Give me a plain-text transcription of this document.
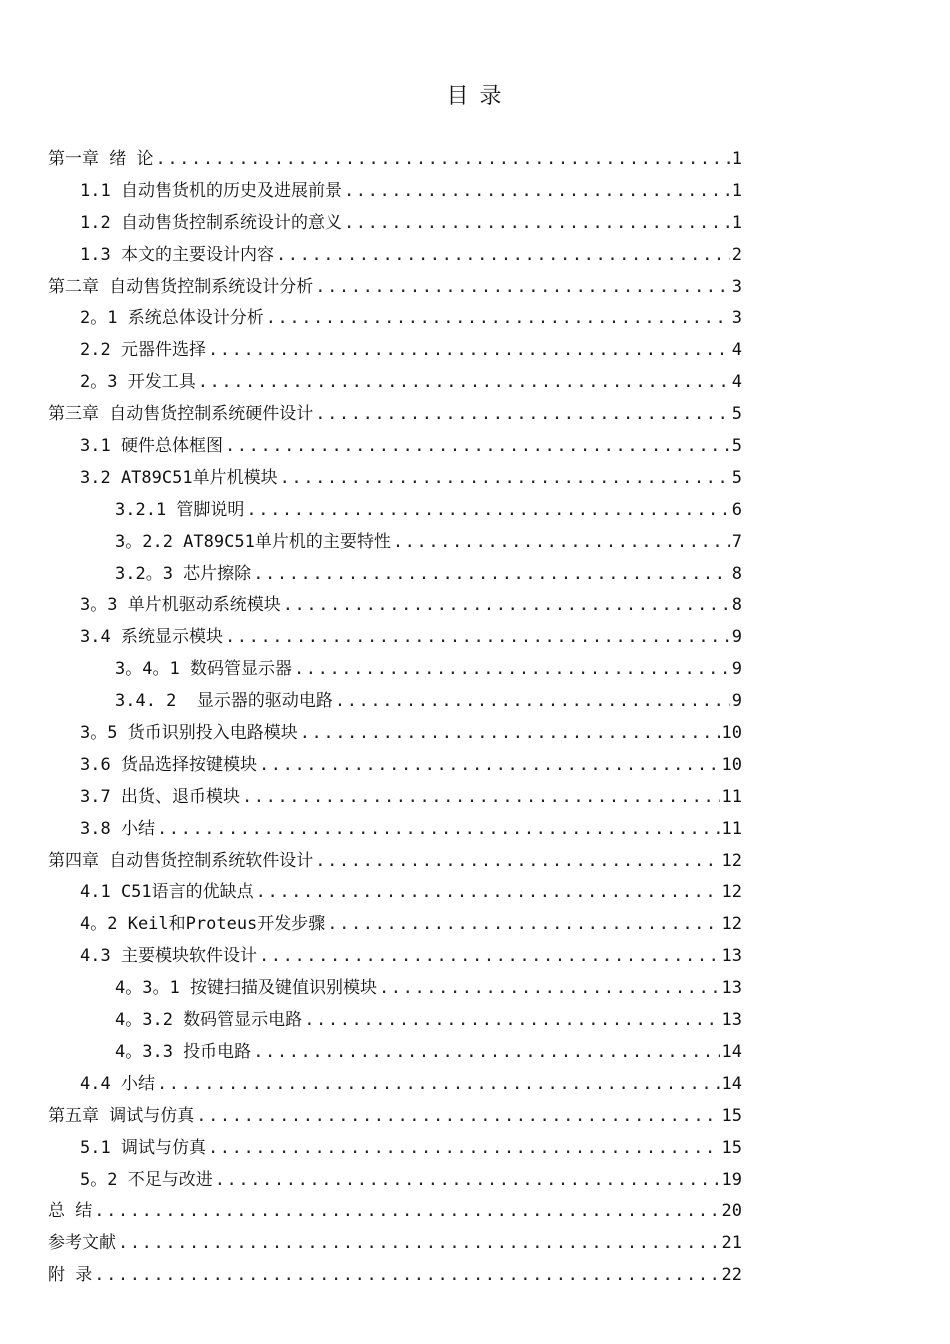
目 录
第一章 绪 论 .....	1
1.1 自动售货机的历史及进展前景 .....	1
1.2 自动售货控制系统设计的意义 .....	1
1.3 本文的主要设计内容 .....	2
第二章 自动售货控制系统设计分析 .....	3
2。1 系统总体设计分析 .....	3
2.2 元器件选择 .....	4
2。3 开发工具 .....	4
第三章 自动售货控制系统硬件设计 .....	5
3.1 硬件总体框图 .....	5
3.2 AT89C51单片机模块 .....	5
3.2.1 管脚说明 .....	6
3。2.2 AT89C51单片机的主要特性 .....	7
3.2。3 芯片擦除 .....	8
3。3 单片机驱动系统模块 .....	8
3.4 系统显示模块 .....	9
3。4。1 数码管显示器 .....	9
3.4. 2  显示器的驱动电路 .....	9
3。5 货币识别投入电路模块 .....	10
3.6 货品选择按键模块 .....	10
3.7 出货、退币模块 .....	11
3.8 小结 .....	11
第四章 自动售货控制系统软件设计 .....	12
4.1 C51语言的优缺点 .....	12
4。2 Keil和Proteus开发步骤 .....	12
4.3 主要模块软件设计 .....	13
4。3。1 按键扫描及键值识别模块 .....	13
4。3.2 数码管显示电路 .....	13
4。3.3 投币电路 .....	14
4.4 小结 .....	14
第五章 调试与仿真 .....	15
5.1 调试与仿真 .....	15
5。2 不足与改进 .....	19
总 结 .....	20
参考文献 .....	21
附 录 .....	22
